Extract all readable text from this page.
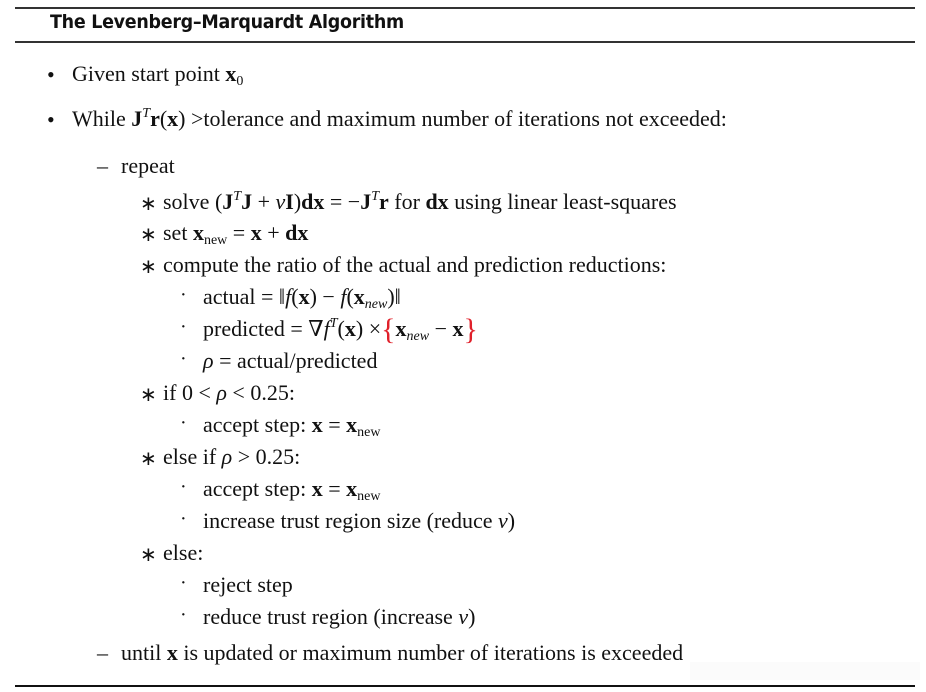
The Levenberg–Marquardt Algorithm
• Given start point $x_0$
• While $J^Tr(x)$ >tolerance and maximum number of iterations not exceeded:
– repeat
∗ solve $(J^TJ + \nu I)dx = -J^Tr$ for dx using linear least-squares
∗ set $x_{new} = x$ + dx
∗ compute the ratio of the actual and prediction reductions:
· actual = ‖f(x) − $f(x_{new})‖$
· predicted = $\nabla f^T(x) \times\{x_{new} - x\}$
· ρ = actual/predicted
∗ if 0 < ρ < 0.25:
· accept step: $x = x_{new}$
∗ else if ρ > 0.25:
· accept step: $x = x_{new}$
· increase trust region size (reduce ν)
∗ else:
· reject step
· reduce trust region (increase ν)
– until x is updated or maximum number of iterations is exceeded
